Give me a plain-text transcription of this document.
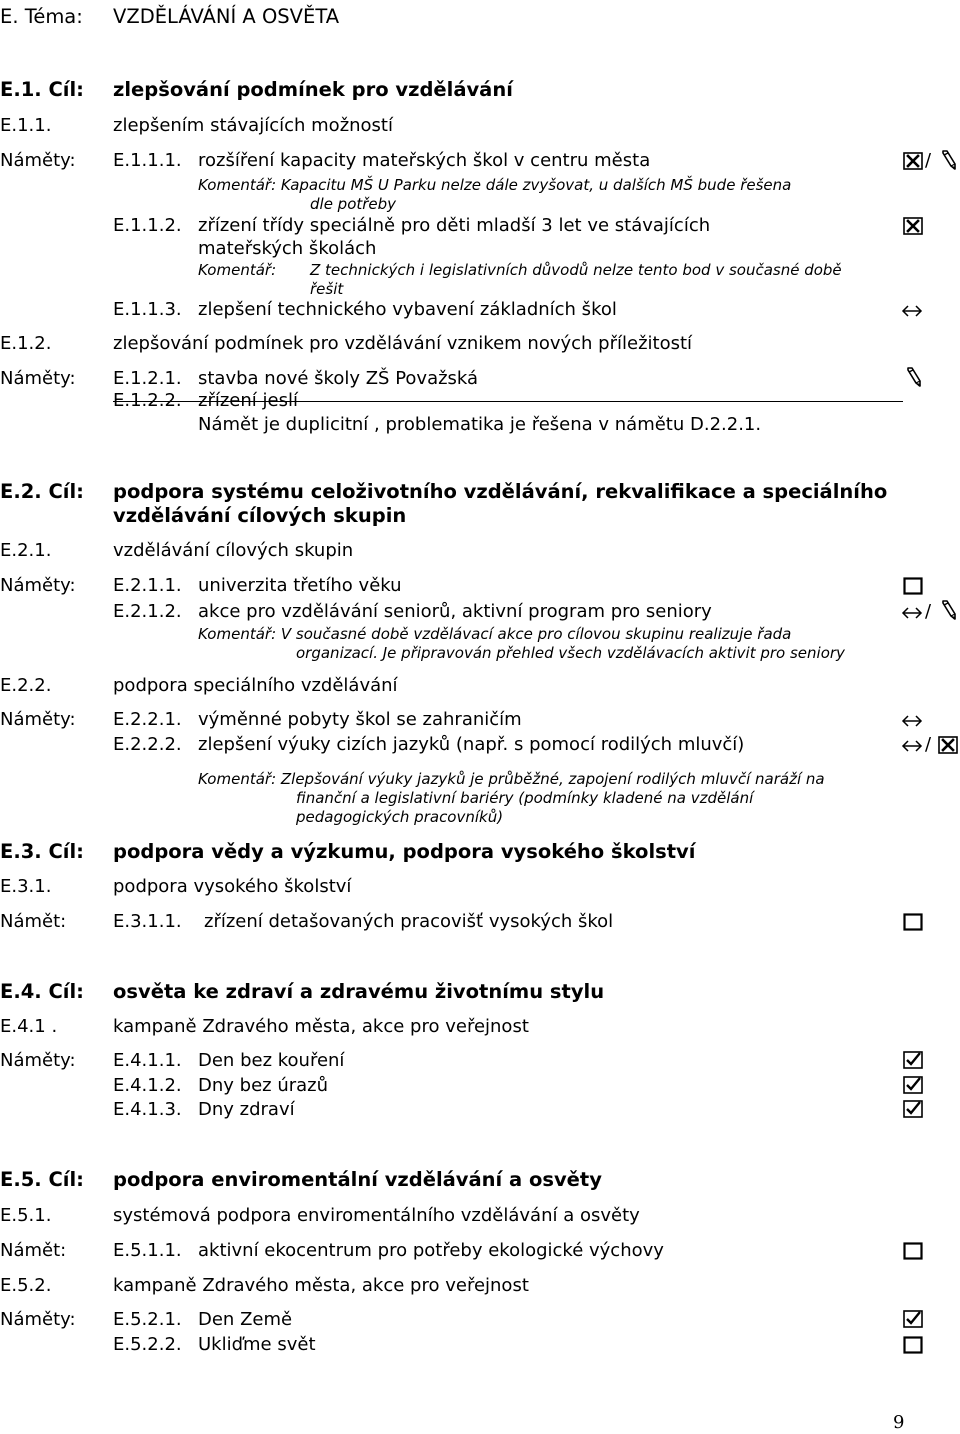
E. Téma: VZDĚLÁVÁNÍ A OSVĚTA
E.1. Cíl: zlepšování podmínek pro vzdělávání
E.1.1.	zlepšením stávajících možností
Náměty: E.1.1.1. rozšíření kapacity mateřských škol v centru města	/
Komentář: Kapacitu MŠ U Parku nelze dále zvyšovat, u dalších MŠ bude řešena
dle potřeby
E.1.1.2. zřízení třídy speciálně pro děti mladší 3 let ve stávajících
mateřských školách
Komentář: Z technických i legislativních důvodů nelze tento bod v současné době
řešit
E.1.1.3. zlepšení technického vybavení základních škol
E.1.2.	zlepšování podmínek pro vzdělávání vznikem nových příležitostí
Náměty: E.1.2.1. stavba nové školy ZŠ Považská
E.1.2.2. zřízení jeslí
Námět je duplicitní , problematika je řešena v námětu D.2.2.1.
E.2. Cíl: podpora systému celoživotního vzdělávání, rekvalifikace a speciálního
vzdělávání cílových skupin
E.2.1.	vzdělávání cílových skupin
Náměty: E.2.1.1. univerzita třetího věku
E.2.1.2. akce pro vzdělávání seniorů, aktivní program pro seniory	/
Komentář: V současné době vzdělávací akce pro cílovou skupinu realizuje řada
organizací. Je připravován přehled všech vzdělávacích aktivit pro seniory
E.2.2.	podpora speciálního vzdělávání
Náměty: E.2.2.1. výměnné pobyty škol se zahraničím
E.2.2.2. zlepšení výuky cizích jazyků (např. s pomocí rodilých mluvčí)	/
Komentář: Zlepšování výuky jazyků je průběžné, zapojení rodilých mluvčí naráží na
finanční a legislativní bariéry (podmínky kladené na vzdělání
pedagogických pracovníků)
E.3. Cíl: podpora vědy a výzkumu, podpora vysokého školství
E.3.1.	podpora vysokého školství
Námět:	E.3.1.1. zřízení detašovaných pracovišť vysokých škol
E.4. Cíl: osvěta ke zdraví a zdravému životnímu stylu
E.4.1 .	kampaně Zdravého města, akce pro veřejnost
Náměty: E.4.1.1. Den bez kouření
E.4.1.2. Dny bez úrazů
E.4.1.3. Dny zdraví
E.5. Cíl: podpora enviromentální vzdělávání a osvěty
E.5.1.	systémová podpora enviromentálního vzdělávání a osvěty
Námět:	E.5.1.1. aktivní ekocentrum pro potřeby ekologické výchovy
E.5.2.	kampaně Zdravého města, akce pro veřejnost
Náměty: E.5.2.1. Den Země
E.5.2.2. Ukliďme svět
9
